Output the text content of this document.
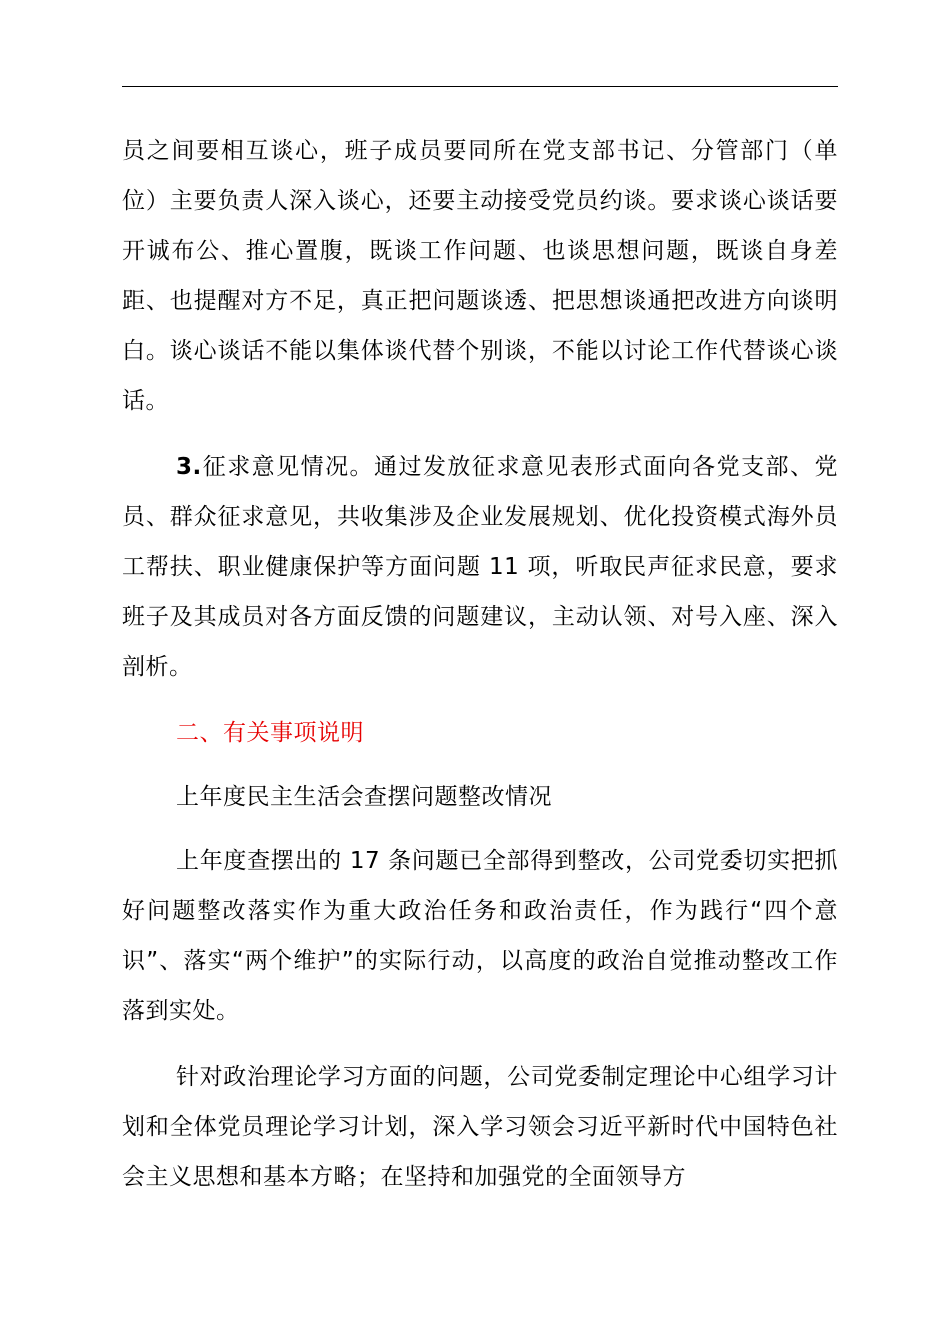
员之间要相互谈心，班子成员要同所在党支部书记、分管部门（单位）主要负责人深入谈心，还要主动接受党员约谈。要求谈心谈话要开诚布公、推心置腹，既谈工作问题、也谈思想问题，既谈自身差距、也提醒对方不足，真正把问题谈透、把思想谈通把改进方向谈明白。谈心谈话不能以集体谈代替个别谈，不能以讨论工作代替谈心谈话。

3.征求意见情况。通过发放征求意见表形式面向各党支部、党员、群众征求意见，共收集涉及企业发展规划、优化投资模式海外员工帮扶、职业健康保护等方面问题 11 项，听取民声征求民意，要求班子及其成员对各方面反馈的问题建议，主动认领、对号入座、深入剖析。

二、有关事项说明

上年度民主生活会查摆问题整改情况

上年度查摆出的 17 条问题已全部得到整改，公司党委切实把抓好问题整改落实作为重大政治任务和政治责任，作为践行“四个意识”、落实“两个维护”的实际行动，以高度的政治自觉推动整改工作落到实处。

针对政治理论学习方面的问题，公司党委制定理论中心组学习计划和全体党员理论学习计划，深入学习领会习近平新时代中国特色社会主义思想和基本方略；在坚持和加强党的全面领导方
